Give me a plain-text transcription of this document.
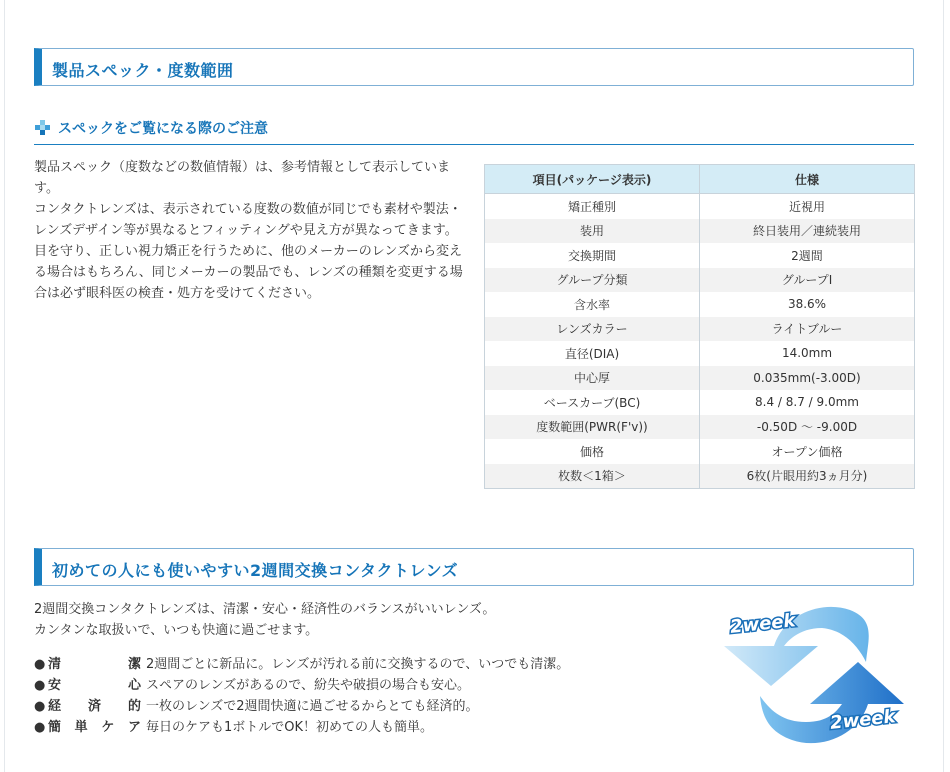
製品スペック・度数範囲
スペックをご覧になる際のご注意

製品スペック（度数などの数値情報）は、参考情報として表示しています。

コンタクトレンズは、表示されている度数の数値が同じでも素材や製法・レンズデザイン等が異なるとフィッティングや見え方が異なってきます。

目を守り、正しい視力矯正を行うために、他のメーカーのレンズから変える場合はもちろん、同じメーカーの製品でも、レンズの種類を変更する場合は必ず眼科医の検査・処方を受けてください。

項目(パッケージ表示)	仕様
矯正種別	近視用
装用	終日装用／連続装用
交換期間	2週間
グループ分類	グループI
含水率	38.6%
レンズカラー	ライトブルー
直径(DIA)	14.0mm
中心厚	0.035mm(-3.00D)
ベースカーブ(BC)	8.4 / 8.7 / 9.0mm
度数範囲(PWR(F'v))	-0.50D ～ -9.00D
価格	オープン価格
枚数＜1箱＞	6枚(片眼用約3ヵ月分)
初めての人にも使いやすい2週間交換コンタクトレンズ

2週間交換コンタクトレンズは、清潔・安心・経済性のバランスがいいレンズ。

カンタンな取扱いで、いつも快適に過ごせます。

● 清潔 2週間ごとに新品に。レンズが汚れる前に交換するので、いつでも清潔。
● 安心 スペアのレンズがあるので、紛失や破損の場合も安心。
● 経済的 一枚のレンズで2週間快適に過ごせるからとても経済的。
● 簡単ケア 毎日のケアも1ボトルでOK！初めての人も簡単。
2week
2week
